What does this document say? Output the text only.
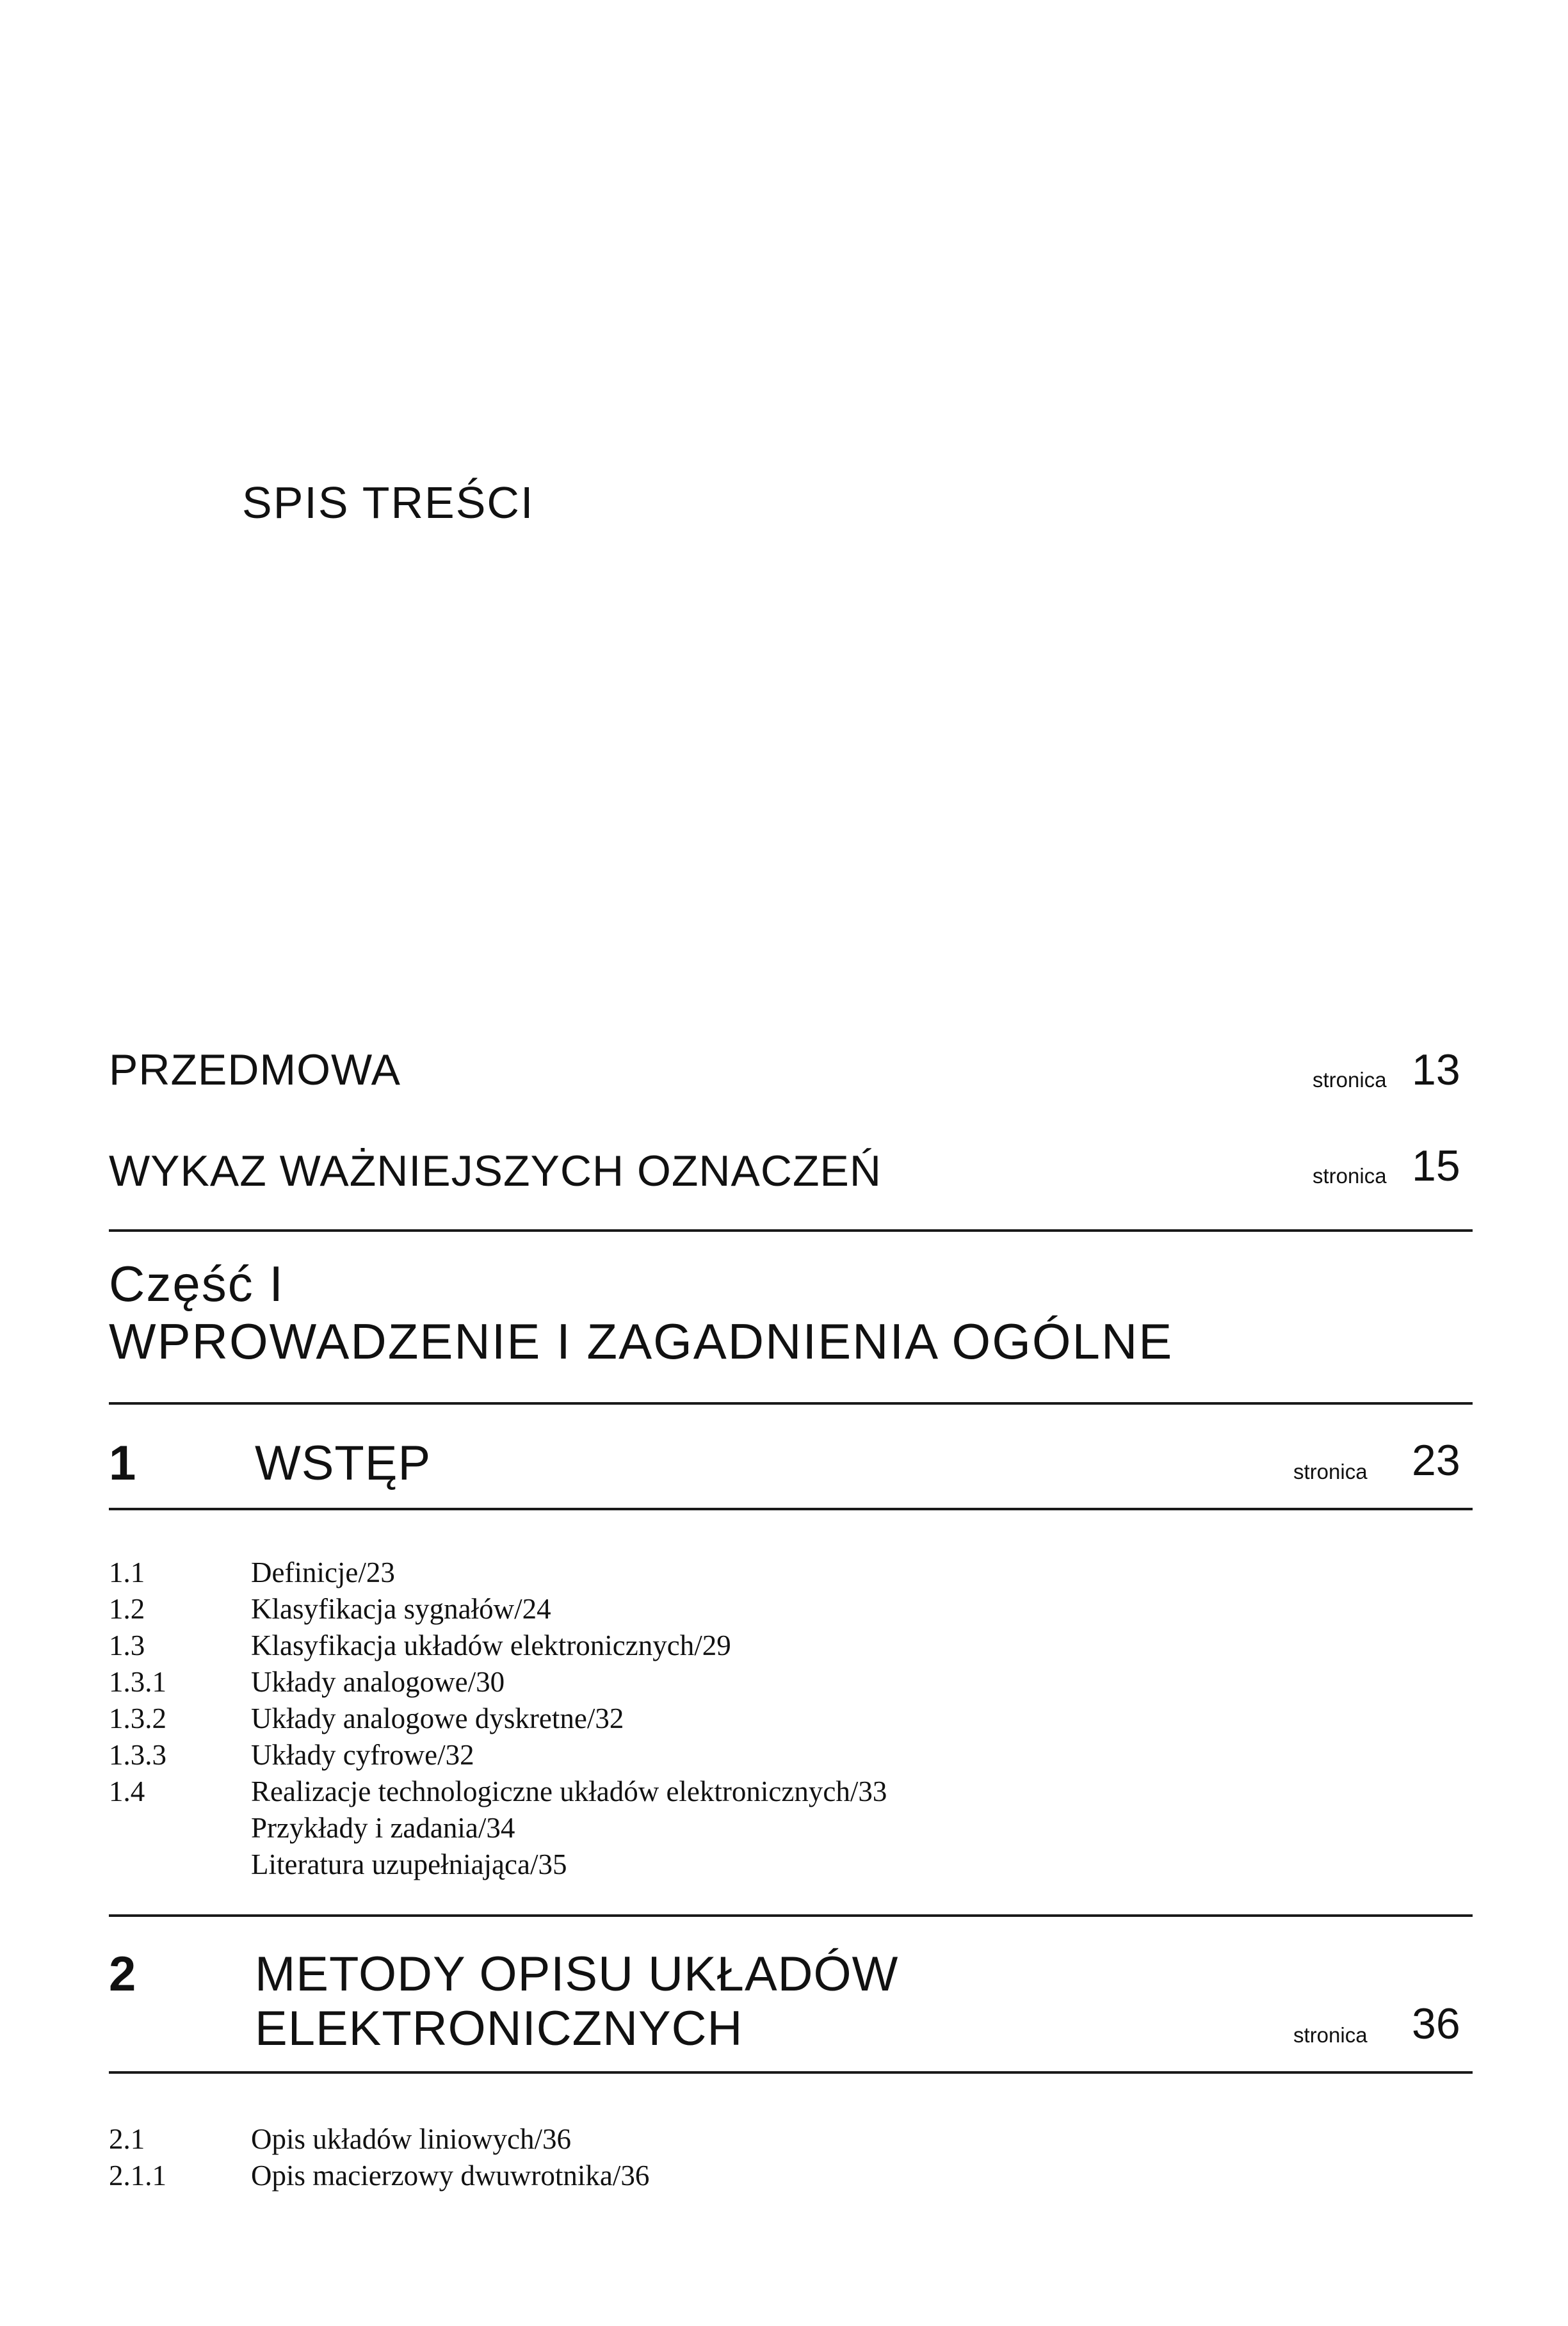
SPIS TREŚCI
PRZEDMOWA	stronica 13
WYKAZ WAŻNIEJSZYCH OZNACZEŃ	stronica 15
Część I
WPROWADZENIE I ZAGADNIENIA OGÓLNE
1 WSTĘP	stronica 23
1.1	Definicje/23
1.2	Klasyfikacja sygnałów/24
1.3	Klasyfikacja układów elektronicznych/29
1.3.1	Układy analogowe/30
1.3.2	Układy analogowe dyskretne/32
1.3.3	Układy cyfrowe/32
1.4	Realizacje technologiczne układów elektronicznych/33
Przykłady i zadania/34
Literatura uzupełniająca/35
2 METODY OPISU UKŁADÓW
ELEKTRONICZNYCH	stronica 36
2.1	Opis układów liniowych/36
2.1.1	Opis macierzowy dwuwrotnika/36
